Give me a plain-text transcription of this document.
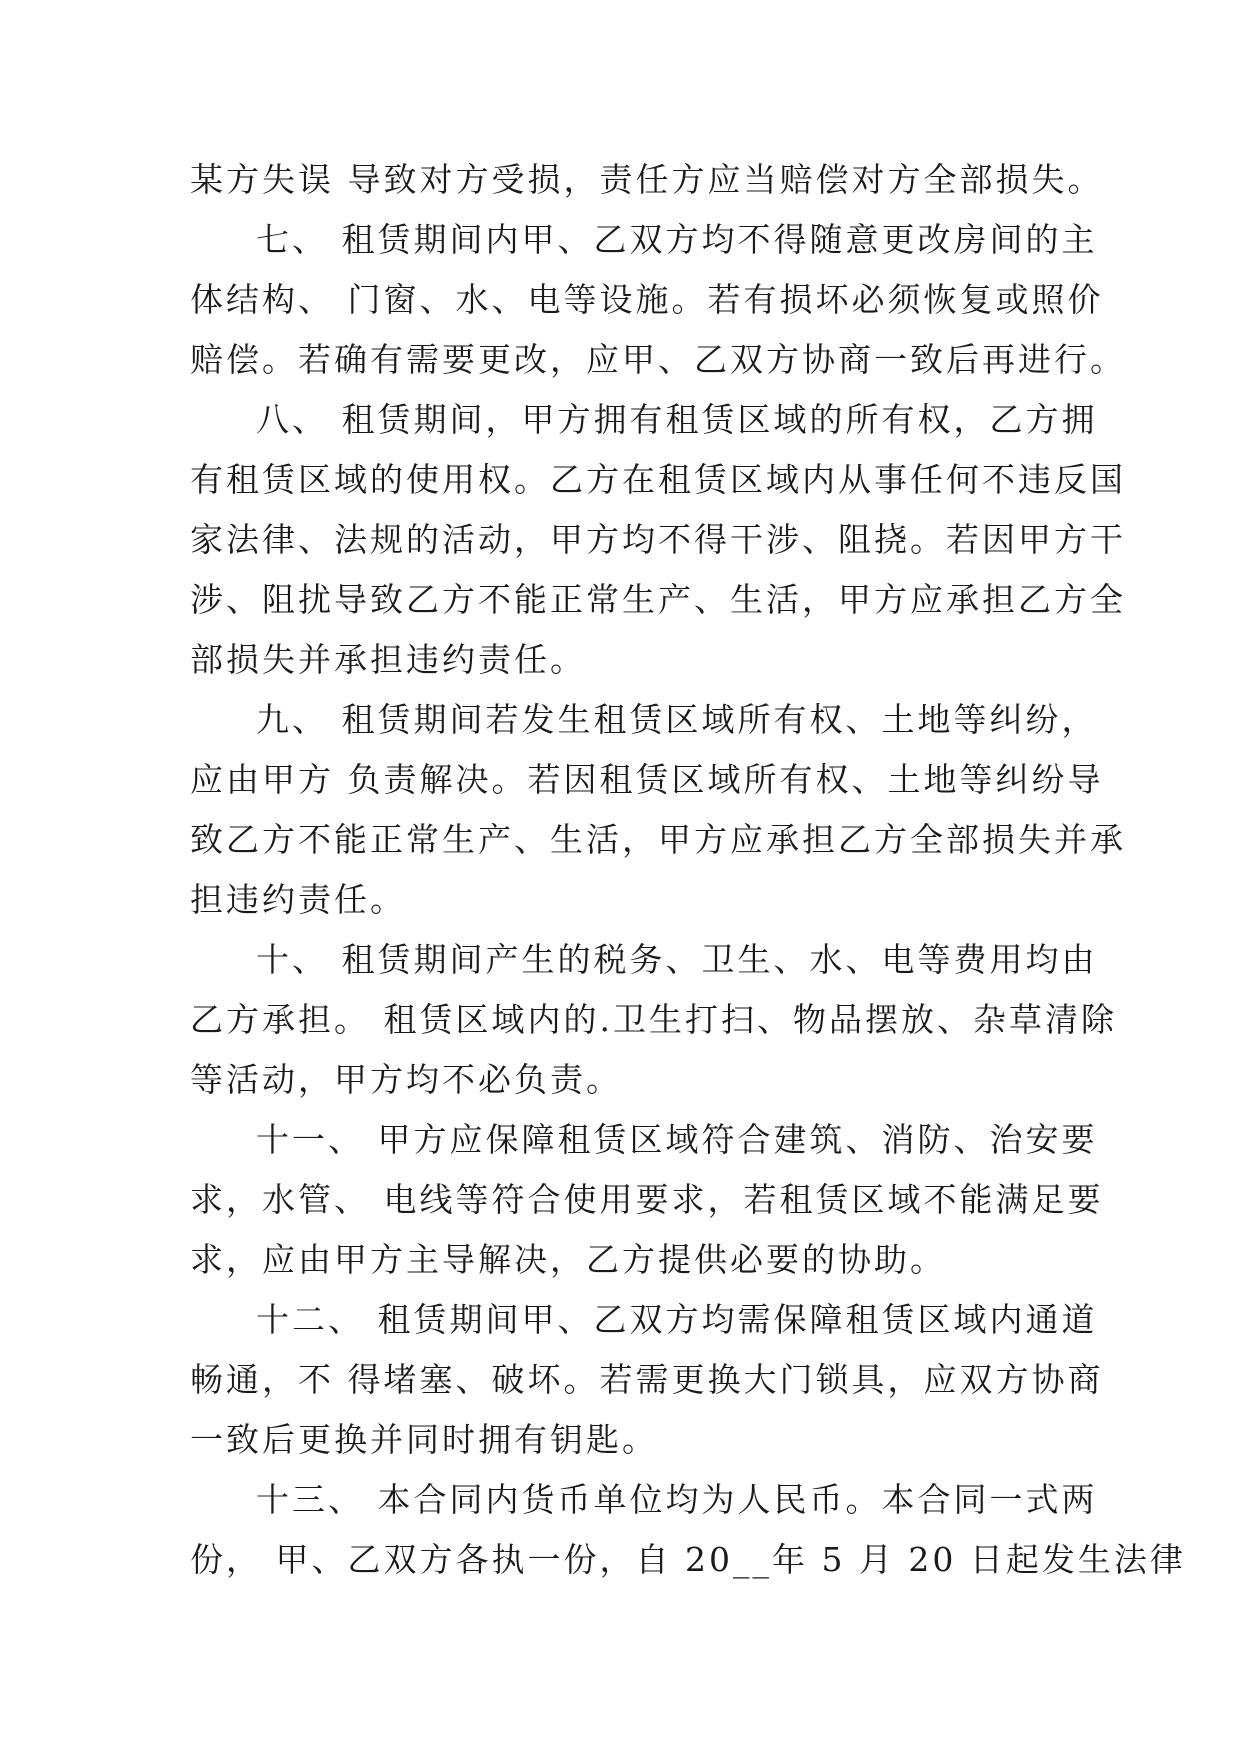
某方失误 导致对方受损，责任方应当赔偿对方全部损失。
七、 租赁期间内甲、乙双方均不得随意更改房间的主
体结构、 门窗、水、电等设施。若有损坏必须恢复或照价
赔偿。若确有需要更改，应甲、乙双方协商一致后再进行。
八、 租赁期间，甲方拥有租赁区域的所有权，乙方拥
有租赁区域的使用权。乙方在租赁区域内从事任何不违反国
家法律、法规的活动，甲方均不得干涉、阻挠。若因甲方干
涉、阻扰导致乙方不能正常生产、生活，甲方应承担乙方全
部损失并承担违约责任。
九、 租赁期间若发生租赁区域所有权、土地等纠纷，
应由甲方 负责解决。若因租赁区域所有权、土地等纠纷导
致乙方不能正常生产、生活，甲方应承担乙方全部损失并承
担违约责任。
十、 租赁期间产生的税务、卫生、水、电等费用均由
乙方承担。 租赁区域内的.卫生打扫、物品摆放、杂草清除
等活动，甲方均不必负责。
十一、 甲方应保障租赁区域符合建筑、消防、治安要
求，水管、 电线等符合使用要求，若租赁区域不能满足要
求，应由甲方主导解决，乙方提供必要的协助。
十二、 租赁期间甲、乙双方均需保障租赁区域内通道
畅通，不 得堵塞、破坏。若需更换大门锁具，应双方协商
一致后更换并同时拥有钥匙。
十三、 本合同内货币单位均为人民币。本合同一式两
份， 甲、乙双方各执一份，自 20__年 5 月 20 日起发生法律
